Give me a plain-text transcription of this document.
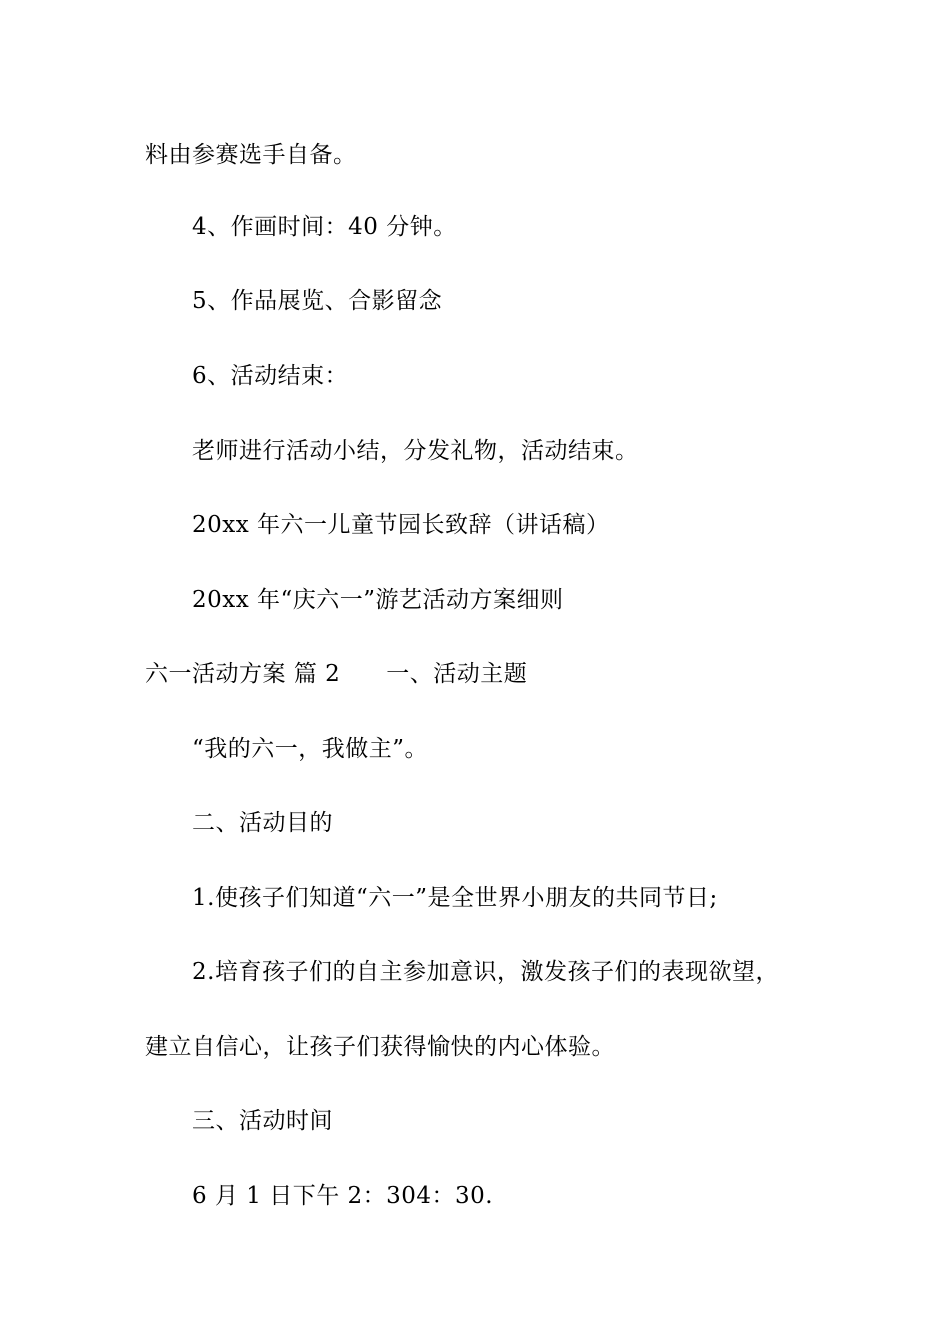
料由参赛选手自备。
4、作画时间：40 分钟。
5、作品展览、合影留念
6、活动结束：
老师进行活动小结，分发礼物，活动结束。
20xx 年六一儿童节园长致辞（讲话稿）
20xx 年“庆六一”游艺活动方案细则
六一活动方案 篇 2 一、活动主题
“我的六一，我做主”。
二、活动目的
1.使孩子们知道“六一”是全世界小朋友的共同节日;
2.培育孩子们的自主参加意识，激发孩子们的表现欲望，
建立自信心，让孩子们获得愉快的内心体验。
三、活动时间
6 月 1 日下午 2：304：30.
